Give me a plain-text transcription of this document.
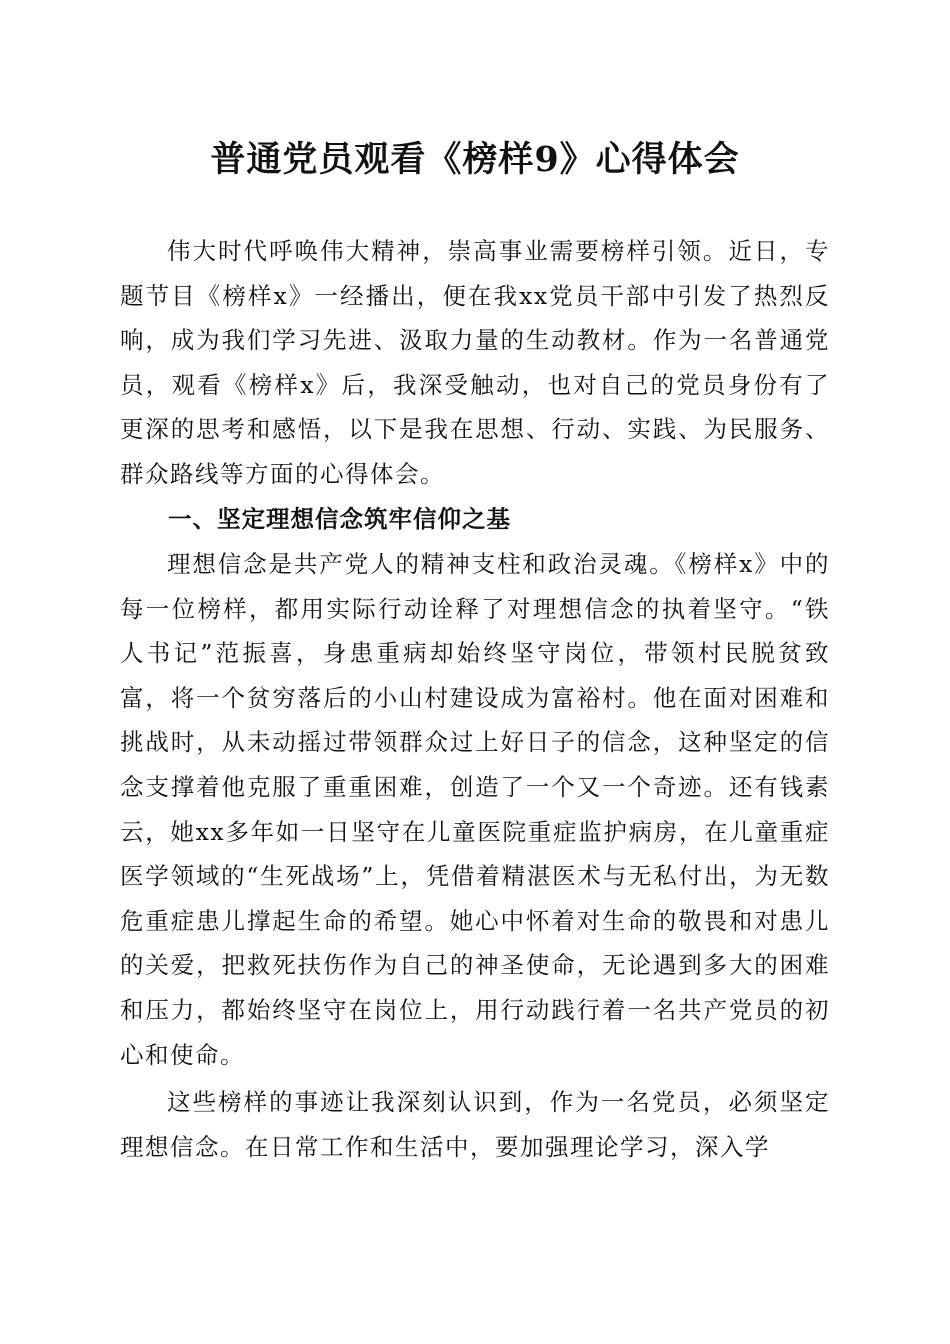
普通党员观看《榜样9》心得体会

伟大时代呼唤伟大精神，崇高事业需要榜样引领。近日，专题节目《榜样x》一经播出，便在我xx党员干部中引发了热烈反响，成为我们学习先进、汲取力量的生动教材。作为一名普通党员，观看《榜样x》后，我深受触动，也对自己的党员身份有了更深的思考和感悟，以下是我在思想、行动、实践、为民服务、群众路线等方面的心得体会。

一、坚定理想信念筑牢信仰之基

理想信念是共产党人的精神支柱和政治灵魂。《榜样x》中的每一位榜样，都用实际行动诠释了对理想信念的执着坚守。“铁人书记”范振喜，身患重病却始终坚守岗位，带领村民脱贫致富，将一个贫穷落后的小山村建设成为富裕村。他在面对困难和挑战时，从未动摇过带领群众过上好日子的信念，这种坚定的信念支撑着他克服了重重困难，创造了一个又一个奇迹。还有钱素云，她xx多年如一日坚守在儿童医院重症监护病房，在儿童重症医学领域的“生死战场”上，凭借着精湛医术与无私付出，为无数危重症患儿撑起生命的希望。她心中怀着对生命的敬畏和对患儿的关爱，把救死扶伤作为自己的神圣使命，无论遇到多大的困难和压力，都始终坚守在岗位上，用行动践行着一名共产党员的初心和使命。

这些榜样的事迹让我深刻认识到，作为一名党员，必须坚定理想信念。在日常工作和生活中，要加强理论学习，深入学
